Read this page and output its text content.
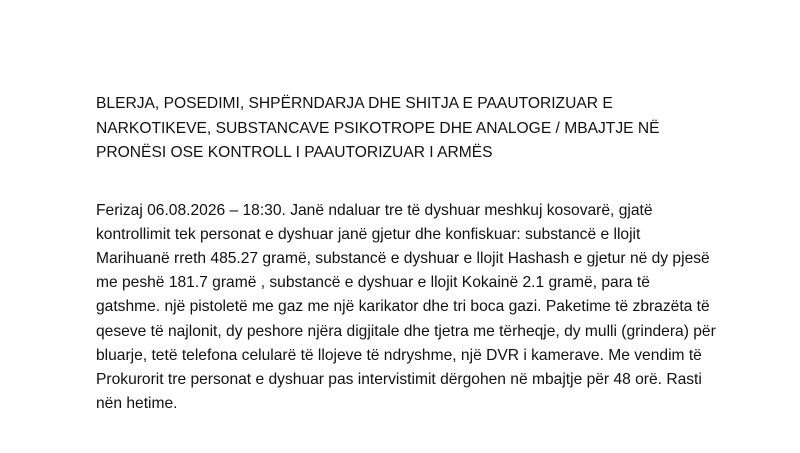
BLERJA, POSEDIMI, SHPËRNDARJA DHE SHITJA E PAAUTORIZUAR E NARKOTIKEVE, SUBSTANCAVE PSIKOTROPE DHE ANALOGE / MBAJTJE NË PRONËSI OSE KONTROLL I PAAUTORIZUAR I ARMËS

Ferizaj 06.08.2026 – 18:30. Janë ndaluar tre të dyshuar meshkuj kosovarë, gjatë kontrollimit tek personat e dyshuar janë gjetur dhe konfiskuar: substancë e llojit Marihuanë rreth 485.27 gramë, substancë e dyshuar e llojit Hashash e gjetur në dy pjesë me peshë 181.7 gramë , substancë e dyshuar e llojit Kokainë 2.1 gramë, para të gatshme. një pistoletë me gaz me një karikator dhe tri boca gazi. Paketime të zbrazëta të qeseve të najlonit, dy peshore njëra digjitale dhe tjetra me tërheqje, dy mulli (grindera) për bluarje, tetë telefona celularë të llojeve të ndryshme, një DVR i kamerave. Me vendim të Prokurorit tre personat e dyshuar pas intervistimit dërgohen në mbajtje për 48 orë. Rasti nën hetime.
